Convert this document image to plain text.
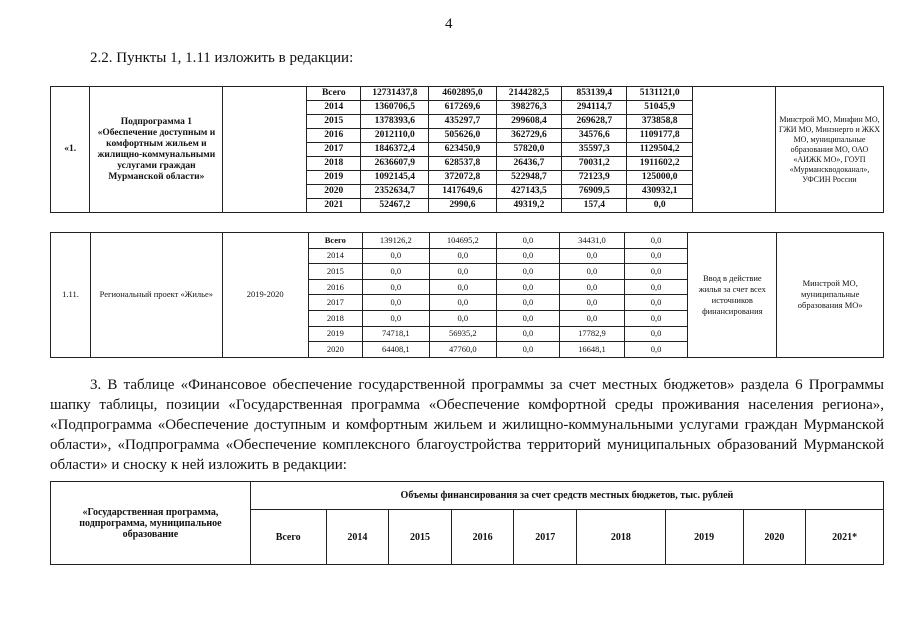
4
2.2. Пункты 1, 1.11 изложить в редакции:
«1.	Подпрограмма 1 «Обеспечение доступным и комфортным жильем и жилищно-коммунальными услугами граждан Мурманской области»		Всего	12731437,8	4602895,0	2144282,5	853139,4	5131121,0		Минстрой МО, Минфин МО, ГЖИ МО, Минэнерго и ЖКХ МО, муниципальные образования МО, ОАО «АИЖК МО», ГОУП «Мурманскводоканал», УФСИН России
			2014	1360706,5	617269,6	398276,3	294114,7	51045,9		
			2015	1378393,6	435297,7	299608,4	269628,7	373858,8		
			2016	2012110,0	505626,0	362729,6	34576,6	1109177,8		
			2017	1846372,4	623450,9	57820,0	35597,3	1129504,2		
			2018	2636607,9	628537,8	26436,7	70031,2	1911602,2		
			2019	1092145,4	372072,8	522948,7	72123,9	125000,0		
			2020	2352634,7	1417649,6	427143,5	76909,5	430932,1		
			2021	52467,2	2990,6	49319,2	157,4	0,0		
1.11.	Региональный проект «Жилье»	2019-2020	Всего	139126,2	104695,2	0,0	34431,0	0,0	Ввод в действие жилья за счет всех источников финансирования	Минстрой МО, муниципальные образования МО»
			2014	0,0	0,0	0,0	0,0	0,0		
			2015	0,0	0,0	0,0	0,0	0,0		
			2016	0,0	0,0	0,0	0,0	0,0		
			2017	0,0	0,0	0,0	0,0	0,0		
			2018	0,0	0,0	0,0	0,0	0,0		
			2019	74718,1	56935,2	0,0	17782,9	0,0		
			2020	64408,1	47760,0	0,0	16648,1	0,0		

3. В таблице «Финансовое обеспечение государственной программы за счет местных бюджетов» раздела 6 Программы шапку таблицы, позиции «Государственная программа «Обеспечение комфортной среды проживания населения региона», «Подпрограмма «Обеспечение доступным и комфортным жильем и жилищно-коммунальными услугами граждан Мурманской области», «Подпрограмма «Обеспечение комплексного благоустройства территорий муниципальных образований Мурманской области» и сноску к ней изложить в редакции:

«Государственная программа, подпрограмма, муниципальное образование	Объемы финансирования за счет средств местных бюджетов, тыс. рублей								
	Всего	2014	2015	2016	2017	2018	2019	2020	2021*
